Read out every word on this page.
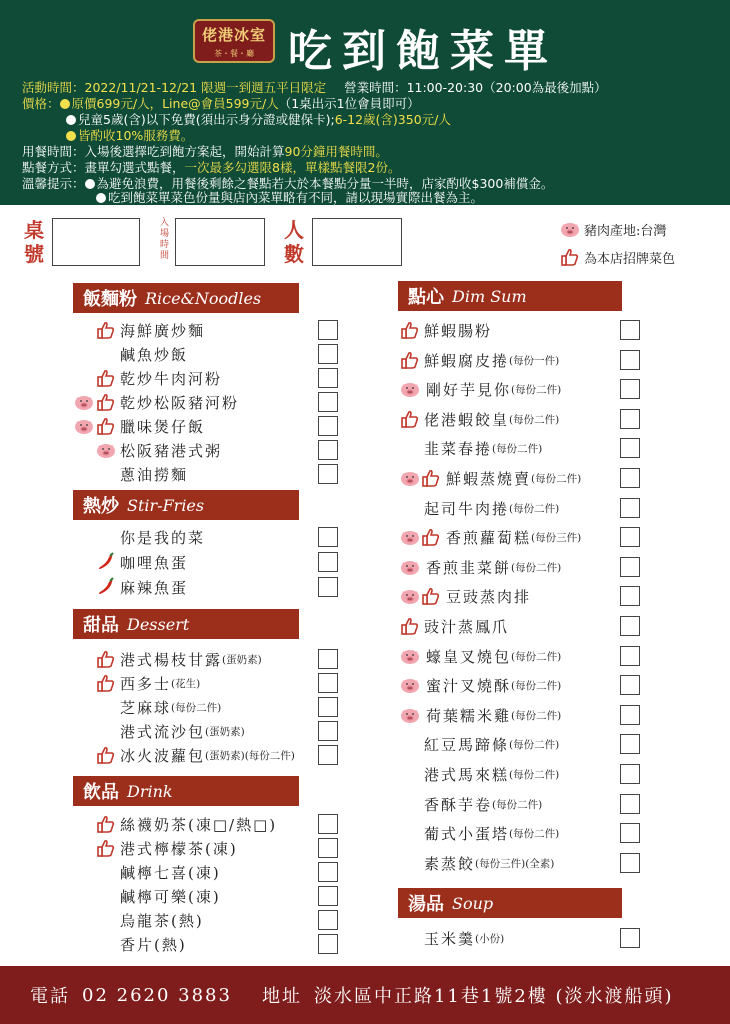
佬港冰室
茶・餐・廳 吃到飽菜單
活動時間：2022/11/21-12/21 限週一到週五平日限定 營業時間：11:00-20:30（20:00為最後加點）
價格： 原價699元/人，Line@會員599元/人（1桌出示1位會員即可）
兒童5歲(含)以下免費(須出示身分證或健保卡);6-12歲(含)350元/人
皆酌收10%服務費。
用餐時間：入場後選擇吃到飽方案起，開始計算90分鐘用餐時間。
點餐方式：畫單勾選式點餐，一次最多勾選限8樣，單樣點餐限2份。
溫馨提示： 為避免浪費，用餐後剩餘之餐點若大於本餐點分量一半時，店家酌收$300補償金。
吃到飽菜單菜色份量與店內菜單略有不同，請以現場實際出餐為主。
桌號
入場時間
人數
豬肉產地:台灣
為本店招牌菜色
飯麵粉 Rice&Noodles
熱炒 Stir-Fries
甜品 Dessert
飲品 Drink
點心 Dim Sum
湯品 Soup
海鮮廣炒麵
鹹魚炒飯
乾炒牛肉河粉
乾炒松阪豬河粉
臘味煲仔飯
松阪豬港式粥
蔥油撈麵
你是我的菜
咖哩魚蛋
麻辣魚蛋
港式楊枝甘露 (蛋奶素)
西多士 (花生)
芝麻球 (每份二件)
港式流沙包 (蛋奶素)
冰火波蘿包 (蛋奶素)(每份二件)
絲襪奶茶(凍□/熱□)
港式檸檬茶(凍)
鹹檸七喜(凍)
鹹檸可樂(凍)
烏龍茶(熱)
香片(熱)
鮮蝦腸粉
鮮蝦腐皮捲 (每份一件)
剛好芋見你 (每份二件)
佬港蝦餃皇 (每份二件)
韭菜春捲 (每份二件)
鮮蝦蒸燒賣 (每份二件)
起司牛肉捲 (每份二件)
香煎蘿蔔糕 (每份三件)
香煎韭菜餅 (每份二件)
豆豉蒸肉排
豉汁蒸鳳爪
蠔皇叉燒包 (每份二件)
蜜汁叉燒酥 (每份二件)
荷葉糯米雞 (每份二件)
紅豆馬蹄條 (每份二件)
港式馬來糕 (每份二件)
香酥芋卷 (每份二件)
葡式小蛋塔 (每份二件)
素蒸餃 (每份三件)(全素)
玉米羹 (小份)
電話 02 2620 3883 地址 淡水區中正路11巷1號2樓 (淡水渡船頭)
